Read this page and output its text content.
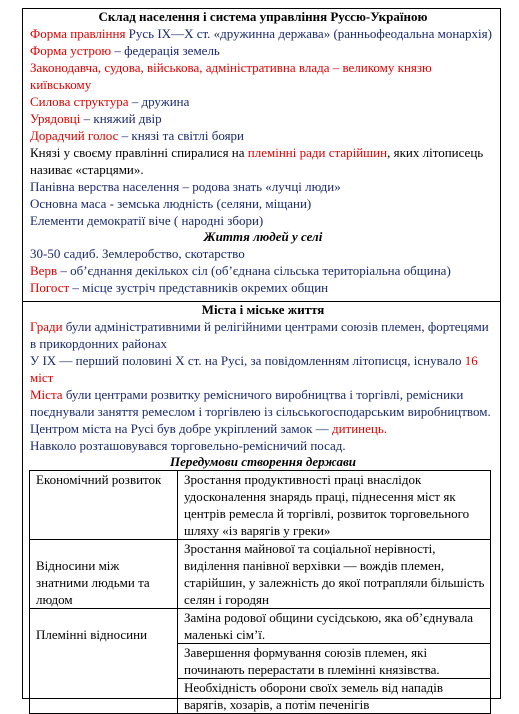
Склад населення і система управління Руссю-Україною

Форма правління Русь IX—X ст. «дружинна держава» (ранньофеодальна монархія)

Форма устрою – федерація земель

Законодавча, судова, військова, адміністративна влада – великому князю київському

Силова структура – дружина

Урядовці – княжий двір

Дорадчий голос – князі та світлі бояри

Князі у своєму правлінні спиралися на племінні ради старійшин, яких літописець називає «старцями».

Панівна верства населення – родова знать «лучці люди»

Основна маса - земська людність (селяни, міщани)

Елементи демократії віче ( народні збори)

Життя людей у селі

30-50 садиб. Землеробство, скотарство

Верв – об’єднання декількох сіл (об’єднана сільська територіальна община)

Погост – місце зустріч представників окремих общин

Міста і міське життя

Гради були адміністративними й релігійними центрами союзів племен, фортецями в прикордонних районах

У IX — перший половині X ст. на Русі, за повідомленням літописця, існувало 16 міст

Міста були центрами розвитку ремісничого виробництва і торгівлі, ремісники поєднували заняття ремеслом і торгівлею із сільськогосподарським виробництвом.

Центром міста на Русі був добре укріплений замок — дитинець.

Навколо розташовувався торговельно-ремісничий посад.

Передумови створення держави

Економічний розвиток	Зростання продуктивності праці внаслідок удосконалення знарядь праці, піднесення міст як центрів ремесла й торгівлі, розвиток торговельного шляху «із варягів у греки»

Відносини між знатними людьми та людом	Зростання майнової та соціальної нерівності, виділення панівної верхівки — вождів племен, старійшин, у залежність до якої потрапляли більшість селян і городян

Племінні відносини	Заміна родової общини сусідською, яка об’єднувала маленькі сім’ї.
	Завершення формування союзів племен, які починають перерастати в племінні князівства.
	Необхідність оборони своїх земель від нападів варягів, хозарів, а потім печенігів
